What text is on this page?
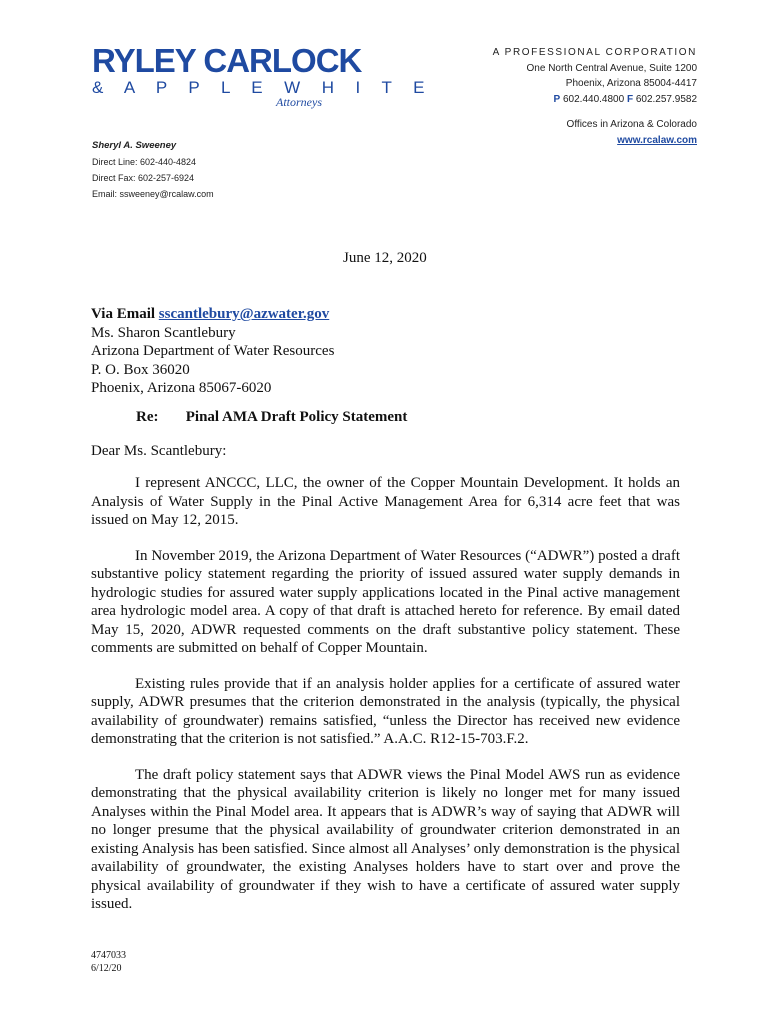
RYLEY CARLOCK
& A P P L E W H I T E
Attorneys
A PROFESSIONAL CORPORATION
One North Central Avenue, Suite 1200
Phoenix, Arizona 85004-4417
P 602.440.4800 F 602.257.9582
Offices in Arizona & Colorado
www.rcalaw.com
Sheryl A. Sweeney
Direct Line: 602-440-4824
Direct Fax: 602-257-6924
Email: ssweeney@rcalaw.com
June 12, 2020
Via Email sscantlebury@azwater.gov
Ms. Sharon Scantlebury
Arizona Department of Water Resources
P. O. Box 36020
Phoenix, Arizona 85067-6020
Re: Pinal AMA Draft Policy Statement
Dear Ms. Scantlebury:

I represent ANCCC, LLC, the owner of the Copper Mountain Development. It holds an Analysis of Water Supply in the Pinal Active Management Area for 6,314 acre feet that was issued on May 12, 2015.

In November 2019, the Arizona Department of Water Resources (“ADWR”) posted a draft substantive policy statement regarding the priority of issued assured water supply demands in hydrologic studies for assured water supply applications located in the Pinal active management area hydrologic model area. A copy of that draft is attached hereto for reference. By email dated May 15, 2020, ADWR requested comments on the draft substantive policy statement. These comments are submitted on behalf of Copper Mountain.

Existing rules provide that if an analysis holder applies for a certificate of assured water supply, ADWR presumes that the criterion demonstrated in the analysis (typically, the physical availability of groundwater) remains satisfied, “unless the Director has received new evidence demonstrating that the criterion is not satisfied.” A.A.C. R12-15-703.F.2.

The draft policy statement says that ADWR views the Pinal Model AWS run as evidence demonstrating that the physical availability criterion is likely no longer met for many issued Analyses within the Pinal Model area. It appears that is ADWR’s way of saying that ADWR will no longer presume that the physical availability of groundwater criterion demonstrated in an existing Analysis has been satisfied. Since almost all Analyses’ only demonstration is the physical availability of groundwater, the existing Analyses holders have to start over and prove the physical availability of groundwater if they wish to have a certificate of assured water supply issued.

4747033
6/12/20
